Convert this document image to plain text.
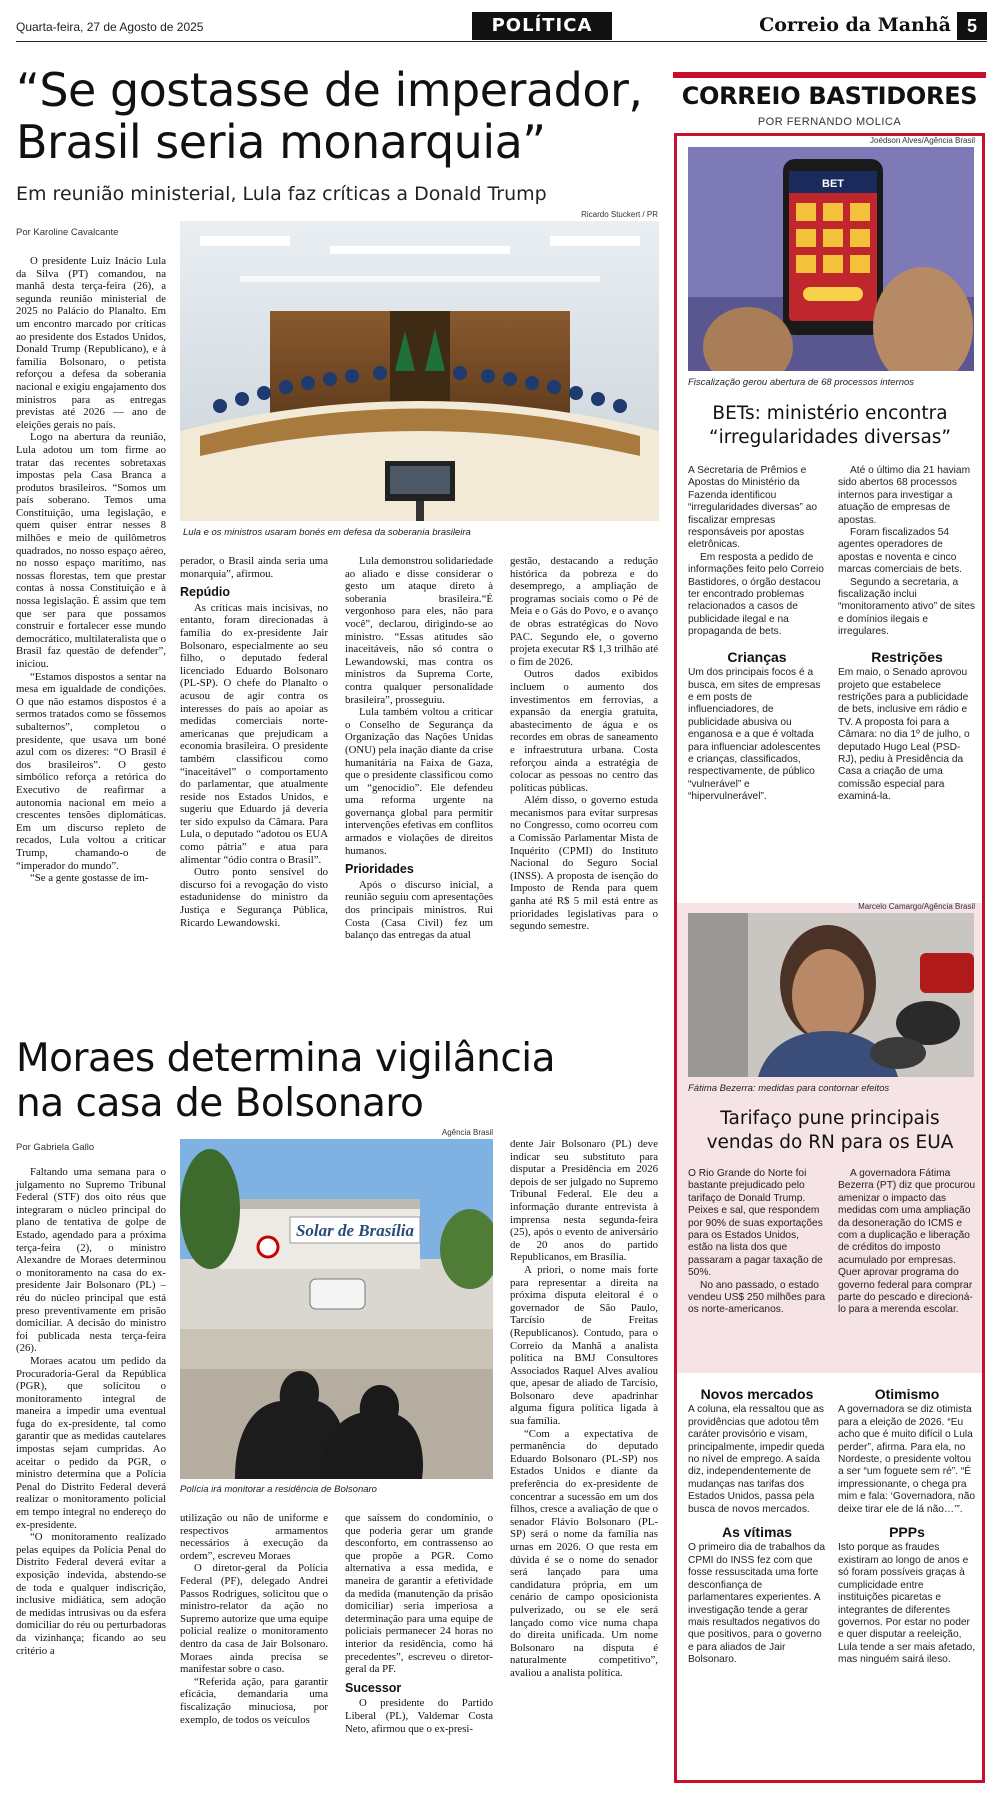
Quarta-feira, 27 de Agosto de 2025	POLÍTICA	Correio da Manhã 5
“Se gostasse de imperador,
Brasil seria monarquia”
Em reunião ministerial, Lula faz críticas a Donald Trump
Por Karoline Cavalcante
Ricardo Stuckert / PR
Lula e os ministros usaram bonés em defesa da soberania brasileira

O presidente Luiz Inácio Lula da Silva (PT) comandou, na manhã desta terça-feira (26), a segunda reunião ministerial de 2025 no Palácio do Planalto. Em um encontro marcado por críticas ao presidente dos Estados Unidos, Donald Trump (Republicano), e à família Bolsonaro, o petista reforçou a defesa da soberania nacional e exigiu engajamento dos ministros para as entregas previstas até 2026 — ano de eleições gerais no país.

Logo na abertura da reunião, Lula adotou um tom firme ao tratar das recentes sobretaxas impostas pela Casa Branca a produtos brasileiros. “Somos um país soberano. Temos uma Constituição, uma legislação, e quem quiser entrar nesses 8 milhões e meio de quilômetros quadrados, no nosso espaço aéreo, no nosso espaço marítimo, nas nossas florestas, tem que prestar contas à nossa Constituição e à nossa legislação. É assim que tem que ser para que possamos construir e fortalecer esse mundo democrático, multilateralista que o Brasil faz questão de defender”, iniciou.

“Estamos dispostos a sentar na mesa em igualdade de condições. O que não estamos dispostos é a sermos tratados como se fôssemos subalternos”, completou o presidente, que usava um boné azul com os dizeres: “O Brasil é dos brasileiros”. O gesto simbólico reforça a retórica do Executivo de reafirmar a autonomia nacional em meio a crescentes tensões diplomáticas. Em um discurso repleto de recados, Lula voltou a criticar Trump, chamando-o de “imperador do mundo”.

“Se a gente gostasse de im-

perador, o Brasil ainda seria uma monarquia”, afirmou.

Repúdio

As críticas mais incisivas, no entanto, foram direcionadas à família do ex-presidente Jair Bolsonaro, especialmente ao seu filho, o deputado federal licenciado Eduardo Bolsonaro (PL-SP). O chefe do Planalto o acusou de agir contra os interesses do país ao apoiar as medidas comerciais norte-americanas que prejudicam a economia brasileira. O presidente também classificou como “inaceitável” o comportamento do parlamentar, que atualmente reside nos Estados Unidos, e sugeriu que Eduardo já deveria ter sido expulso da Câmara. Para Lula, o deputado “adotou os EUA como pátria” e atua para alimentar “ódio contra o Brasil”.

Outro ponto sensível do discurso foi a revogação do visto estadunidense do ministro da Justiça e Segurança Pública, Ricardo Lewandowski.

Lula demonstrou solidariedade ao aliado e disse considerar o gesto um ataque direto à soberania brasileira.“É vergonhoso para eles, não para você”, declarou, dirigindo-se ao ministro. “Essas atitudes são inaceitáveis, não só contra o Lewandowski, mas contra os ministros da Suprema Corte, contra qualquer personalidade brasileira”, prosseguiu.

Lula também voltou a criticar o Conselho de Segurança da Organização das Nações Unidas (ONU) pela inação diante da crise humanitária na Faixa de Gaza, que o presidente classificou como um “genocídio”. Ele defendeu uma reforma urgente na governança global para permitir intervenções efetivas em conflitos armados e violações de direitos humanos.

Prioridades

Após o discurso inicial, a reunião seguiu com apresentações dos principais ministros. Rui Costa (Casa Civil) fez um balanço das entregas da atual

gestão, destacando a redução histórica da pobreza e do desemprego, a ampliação de programas sociais como o Pé de Meia e o Gás do Povo, e o avanço de obras estratégicas do Novo PAC. Segundo ele, o governo projeta executar R$ 1,3 trilhão até o fim de 2026.

Outros dados exibidos incluem o aumento dos investimentos em ferrovias, a expansão da energia gratuita, abastecimento de água e os recordes em obras de saneamento e infraestrutura urbana. Costa reforçou ainda a estratégia de colocar as pessoas no centro das políticas públicas.

Além disso, o governo estuda mecanismos para evitar surpresas no Congresso, como ocorreu com a Comissão Parlamentar Mista de Inquérito (CPMI) do Instituto Nacional do Seguro Social (INSS). A proposta de isenção do Imposto de Renda para quem ganha até R$ 5 mil está entre as prioridades legislativas para o segundo semestre.

Moraes determina vigilância
na casa de Bolsonaro
Por Gabriela Gallo
Agência Brasil
Solar de Brasília
Polícia irá monitorar a residência de Bolsonaro

Faltando uma semana para o julgamento no Supremo Tribunal Federal (STF) dos oito réus que integraram o núcleo principal do plano de tentativa de golpe de Estado, agendado para a próxima terça-feira (2), o ministro Alexandre de Moraes determinou o monitoramento na casa do ex-presidente Jair Bolsonaro (PL) – réu do núcleo principal que está preso preventivamente em prisão domiciliar. A decisão do ministro foi publicada nesta terça-feira (26).

Moraes acatou um pedido da Procuradoria-Geral da República (PGR), que solicitou o monitoramento integral de maneira a impedir uma eventual fuga do ex-presidente, tal como garantir que as medidas cautelares impostas sejam cumpridas. Ao aceitar o pedido da PGR, o ministro determina que a Polícia Penal do Distrito Federal deverá realizar o monitoramento policial em tempo integral no endereço do ex-presidente.

“O monitoramento realizado pelas equipes da Polícia Penal do Distrito Federal deverá evitar a exposição indevida, abstendo-se de toda e qualquer indiscrição, inclusive midiática, sem adoção de medidas intrusivas ou da esfera domiciliar do réu ou perturbadoras da vizinhança; ficando ao seu critério a

utilização ou não de uniforme e respectivos armamentos necessários à execução da ordem”, escreveu Moraes

O diretor-geral da Polícia Federal (PF), delegado Andrei Passos Rodrigues, solicitou que o ministro-relator da ação no Supremo autorize que uma equipe policial realize o monitoramento dentro da casa de Jair Bolsonaro. Moraes ainda precisa se manifestar sobre o caso.

“Referida ação, para garantir eficácia, demandaria uma fiscalização minuciosa, por exemplo, de todos os veículos

que saíssem do condomínio, o que poderia gerar um grande desconforto, em contrassenso ao que propõe a PGR. Como alternativa a essa medida, e maneira de garantir a efetividade da medida (manutenção da prisão domiciliar) seria imperiosa a determinação para uma equipe de policiais permanecer 24 horas no interior da residência, como há precedentes”, escreveu o diretor-geral da PF.

Sucessor

O presidente do Partido Liberal (PL), Valdemar Costa Neto, afirmou que o ex-presi-

dente Jair Bolsonaro (PL) deve indicar seu substituto para disputar a Presidência em 2026 depois de ser julgado no Supremo Tribunal Federal. Ele deu a informação durante entrevista à imprensa nesta segunda-feira (25), após o evento de aniversário de 20 anos do partido Republicanos, em Brasília.

A priori, o nome mais forte para representar a direita na próxima disputa eleitoral é o governador de São Paulo, Tarcísio de Freitas (Republicanos). Contudo, para o Correio da Manhã a analista política na BMJ Consultores Associados Raquel Alves avaliou que, apesar de aliado de Tarcísio, Bolsonaro deve apadrinhar alguma figura política ligada à sua família.

“Com a expectativa de permanência do deputado Eduardo Bolsonaro (PL-SP) nos Estados Unidos e diante da preferência do ex-presidente de concentrar a sucessão em um dos filhos, cresce a avaliação de que o senador Flávio Bolsonaro (PL-SP) será o nome da família nas urnas em 2026. O que resta em dúvida é se o nome do senador será lançado para uma candidatura própria, em um cenário de campo oposicionista pulverizado, ou se ele será lançado como vice numa chapa do direita unificada. Um nome Bolsonaro na disputa é naturalmente competitivo”, avaliou a analista política.

CORREIO BASTIDORES
POR FERNANDO MOLICA
Joédson Alves/Agência Brasil
BET
Fiscalização gerou abertura de 68 processos internos
BETs: ministério encontra
“irregularidades diversas”

A Secretaria de Prêmios e Apostas do Ministério da Fazenda identificou “irregularidades diversas” ao fiscalizar empresas responsáveis por apostas eletrônicas.

Em resposta a pedido de informações feito pelo Correio Bastidores, o órgão destacou ter encontrado problemas relacionados a casos de publicidade ilegal e na propaganda de bets.

Crianças

Um dos principais focos é a busca, em sites de empresas e em posts de influenciadores, de publicidade abusiva ou enganosa e a que é voltada para influenciar adolescentes e crianças, classificados, respectivamente, de público “vulnerável” e “hipervulnerável”.

Até o último dia 21 haviam sido abertos 68 processos internos para investigar a atuação de empresas de apostas.

Foram fiscalizados 54 agentes operadores de apostas e noventa e cinco marcas comerciais de bets.

Segundo a secretaria, a fiscalização inclui “monitoramento ativo” de sites e domínios ilegais e irregulares.

Restrições

Em maio, o Senado aprovou projeto que estabelece restrições para a publicidade de bets, inclusive em rádio e TV. A proposta foi para a Câmara: no dia 1º de julho, o deputado Hugo Leal (PSD-RJ), pediu à Presidência da Casa a criação de uma comissão especial para examiná-la.

Marcelo Camargo/Agência Brasil
Fátima Bezerra: medidas para contornar efeitos
Tarifaço pune principais
vendas do RN para os EUA

O Rio Grande do Norte foi bastante prejudicado pelo tarifaço de Donald Trump. Peixes e sal, que respondem por 90% de suas exportações para os Estados Unidos, estão na lista dos que passaram a pagar taxação de 50%.

No ano passado, o estado vendeu US$ 250 milhões para os norte-americanos.

A governadora Fátima Bezerra (PT) diz que procurou amenizar o impacto das medidas com uma ampliação da desoneração do ICMS e com a duplicação e liberação de créditos do imposto acumulado por empresas. Quer aprovar programa do governo federal para comprar parte do pescado e direcioná-lo para a merenda escolar.

Novos mercados

A coluna, ela ressaltou que as providências que adotou têm caráter provisório e visam, principalmente, impedir queda no nível de emprego. A saída diz, independentemente de mudanças nas tarifas dos Estados Unidos, passa pela busca de novos mercados.

As vítimas

O primeiro dia de trabalhos da CPMI do INSS fez com que fosse ressuscitada uma forte desconfiança de parlamentares experientes. A investigação tende a gerar mais resultados negativos do que positivos, para o governo e para aliados de Jair Bolsonaro.

Otimismo

A governadora se diz otimista para a eleição de 2026. “Eu acho que é muito difícil o Lula perder”, afirma. Para ela, no Nordeste, o presidente voltou a ser “um foguete sem ré”. “É impressionante, o chega pra mim e fala: ‘Governadora, não deixe tirar ele de lá não…’”.

PPPs

Isto porque as fraudes existiram ao longo de anos e só foram possíveis graças à cumplicidade entre instituições picaretas e integrantes de diferentes governos. Por estar no poder e quer disputar a reeleição, Lula tende a ser mais afetado, mas ninguém sairá ileso.
